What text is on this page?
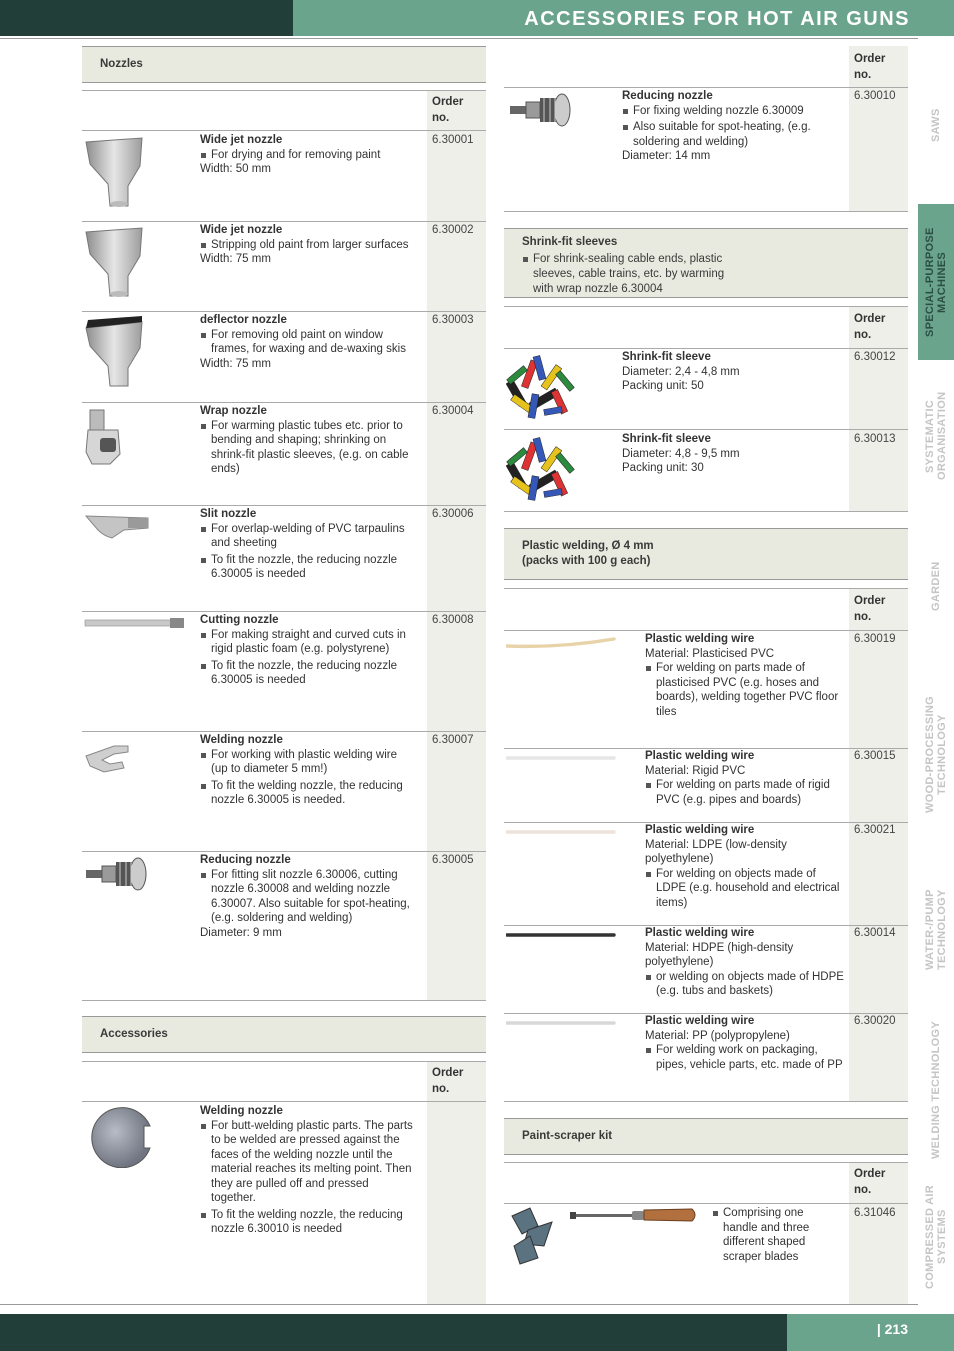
ACCESSORIES FOR HOT AIR GUNS
Nozzles
Order
no.

Wide jet nozzle

For drying and for removing paint

Width: 50 mm

6.30001

Wide jet nozzle

Stripping old paint from larger surfaces

Width: 75 mm

6.30002

deflector nozzle

For removing old paint on window frames, for waxing and de-waxing skis

Width: 75 mm

6.30003

Wrap nozzle

For warming plastic tubes etc. prior to bending and shaping; shrinking on shrink-fit plastic sleeves, (e.g. on cable ends)
6.30004

Slit nozzle

For overlap-welding of PVC tarpaulins and sheeting
To fit the nozzle, the reducing nozzle 6.30005 is needed
6.30006

Cutting nozzle

For making straight and curved cuts in rigid plastic foam (e.g. polystyrene)
To fit the nozzle, the reducing nozzle 6.30005 is needed
6.30008

Welding nozzle

For working with plastic welding wire (up to diameter 5 mm!)
To fit the welding nozzle, the reducing nozzle 6.30005 is needed.
6.30007

Reducing nozzle

For fitting slit nozzle 6.30006, cutting nozzle 6.30008 and welding nozzle 6.30007. Also suitable for spot-heating, (e.g. soldering and welding)

Diameter: 9 mm

6.30005

Welding nozzle

For butt-welding plastic parts. The parts to be welded are pressed against the faces of the welding nozzle until the material reaches its melting point. Then they are pulled off and pressed together.
To fit the welding nozzle, the reducing nozzle 6.30010 is needed
Accessories
Order
no.
Order
no.
Shrink-fit sleeves
For shrink-sealing cable ends, plastic sleeves, cable trains, etc. by warming with wrap nozzle 6.30004
Order
no.
Plastic welding, Ø 4 mm
(packs with 100 g each)
Order
no.
Paint-scraper kit
Order
no.

Reducing nozzle

For fixing welding nozzle 6.30009
Also suitable for spot-heating, (e.g. soldering and welding)

Diameter: 14 mm

6.30010

Shrink-fit sleeve

Diameter: 2,4 - 4,8 mm

Packing unit: 50

6.30012

Shrink-fit sleeve

Diameter: 4,8 - 9,5 mm

Packing unit: 30

6.30013

Plastic welding wire

Material: Plasticised PVC

For welding on parts made of plasticised PVC (e.g. hoses and boards), welding together PVC floor tiles
6.30019

Plastic welding wire

Material: Rigid PVC

For welding on parts made of rigid PVC (e.g. pipes and boards)
6.30015

Plastic welding wire

Material: LDPE (low-density polyethylene)

For welding on objects made of LDPE (e.g. household and electrical items)
6.30021

Plastic welding wire

Material: HDPE (high-density polyethylene)

or welding on objects made of HDPE (e.g. tubs and baskets)
6.30014

Plastic welding wire

Material: PP (polypropylene)

For welding work on packaging, pipes, vehicle parts, etc. made of PP
6.30020
Comprising one handle and three different shaped scraper blades
6.31046
SAWS
SPECIAL-PURPOSE MACHINES
SYSTEMATIC ORGANISATION
GARDEN
WOOD-PROCESSING TECHNOLOGY
WATER-/PUMP TECHNOLOGY
WELDING TECHNOLOGY
COMPRESSED AIR SYSTEMS
| 213
